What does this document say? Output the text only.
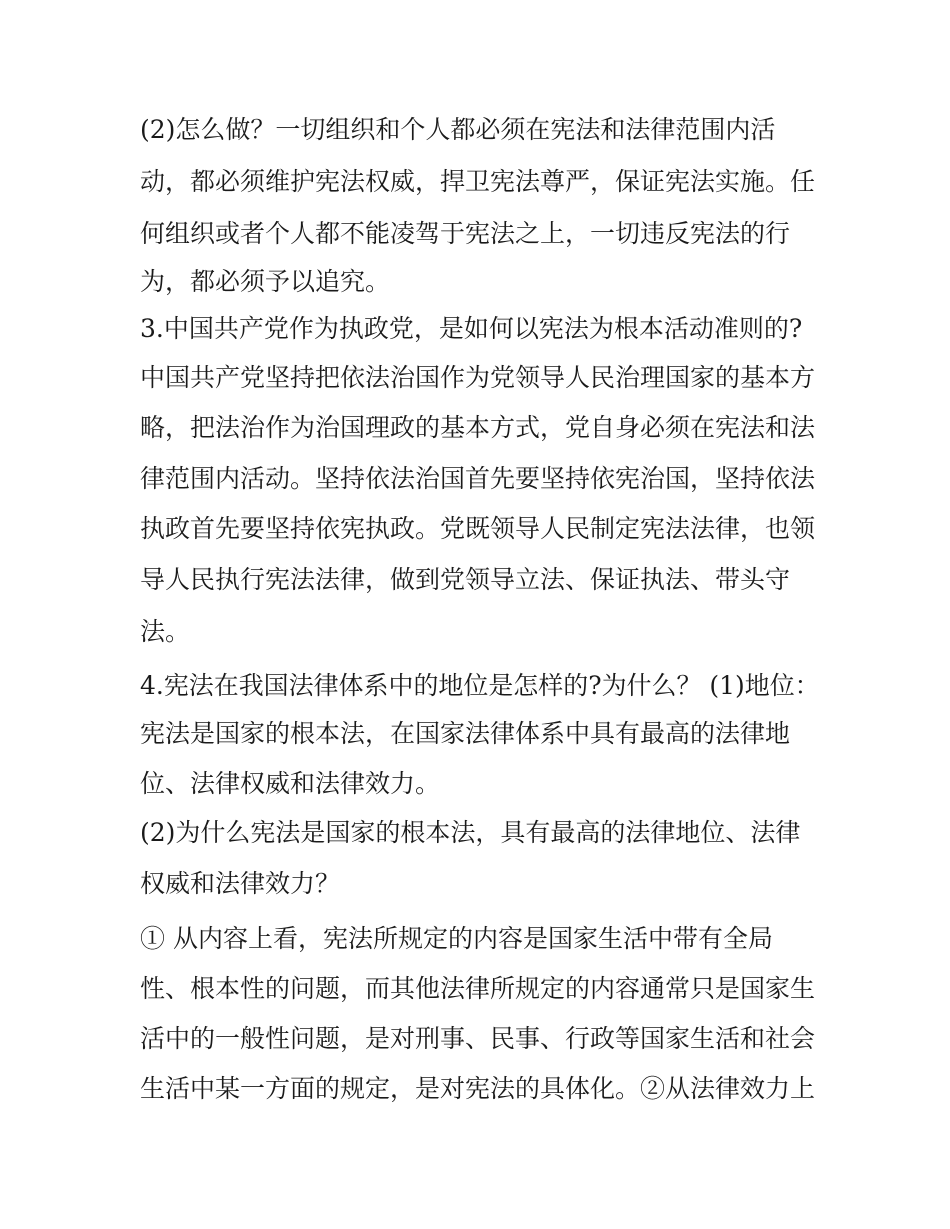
(2)怎么做？一切组织和个人都必须在宪法和法律范围内活
动，都必须维护宪法权威，捍卫宪法尊严，保证宪法实施。任
何组织或者个人都不能凌驾于宪法之上，一切违反宪法的行
为，都必须予以追究。
3.中国共产党作为执政党，是如何以宪法为根本活动准则的?
中国共产党坚持把依法治国作为党领导人民治理国家的基本方
略，把法治作为治国理政的基本方式，党自身必须在宪法和法
律范围内活动。坚持依法治国首先要坚持依宪治国，坚持依法
执政首先要坚持依宪执政。党既领导人民制定宪法法律，也领
导人民执行宪法法律，做到党领导立法、保证执法、带头守
法。
4.宪法在我国法律体系中的地位是怎样的?为什么？ (1)地位：
宪法是国家的根本法，在国家法律体系中具有最高的法律地
位、法律权威和法律效力。
(2)为什么宪法是国家的根本法，具有最高的法律地位、法律
权威和法律效力？
① 从内容上看，宪法所规定的内容是国家生活中带有全局
性、根本性的问题，而其他法律所规定的内容通常只是国家生
活中的一般性问题，是对刑事、民事、行政等国家生活和社会
生活中某一方面的规定，是对宪法的具体化。②从法律效力上
